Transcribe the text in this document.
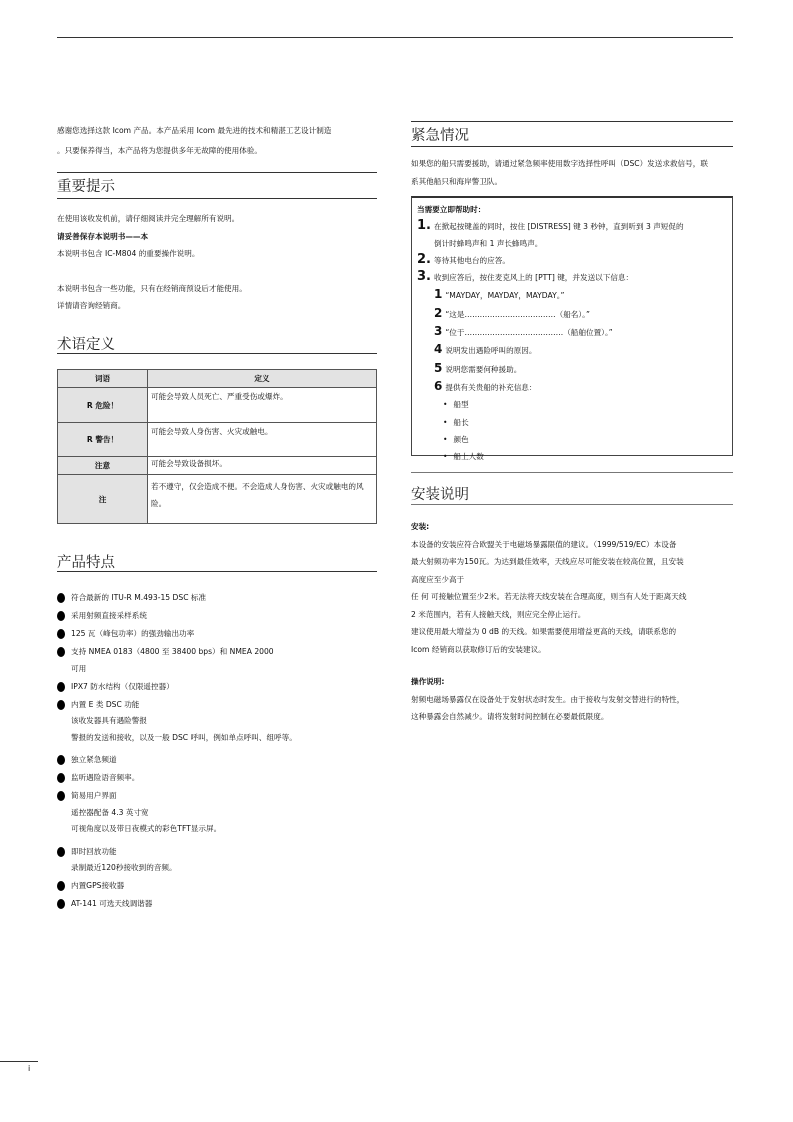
感谢您选择这款 Icom 产品。本产品采用 Icom 最先进的技术和精湛工艺设计制造
。只要保养得当，本产品将为您提供多年无故障的使用体验。
重要提示
在使用该收发机前，请仔细阅读并完全理解所有说明。
请妥善保存本说明书——本
本说明书包含 IC-M804 的重要操作说明。
本说明书包含一些功能，只有在经销商预设后才能使用。
详情请咨询经销商。
术语定义
词语	定义
R 危险！	可能会导致人员死亡、严重受伤或爆炸。
R 警告！	可能会导致人身伤害、火灾或触电。
注意	可能会导致设备损坏。
注	若不遵守，仅会造成不便。不会造成人身伤害、火灾或触电的风险。
产品特点
符合最新的 ITU-R M.493-15 DSC 标准
采用射频直接采样系统
125 瓦（峰包功率）的强劲输出功率
支持 NMEA 0183（4800 至 38400 bps）和 NMEA 2000
可用
IPX7 防水结构（仅限遥控器）
内置 E 类 DSC 功能
该收发器具有遇险警报
警报的发送和接收，以及一般 DSC 呼叫，例如单点呼叫、组呼等。
独立紧急频道
监听遇险语音频率。
简易用户界面
遥控器配备 4.3 英寸宽
可视角度以及带日夜模式的彩色TFT显示屏。
即时回放功能
录制最近120秒接收到的音频。
内置GPS接收器
AT-141 可选天线调谐器
紧急情况
如果您的船只需要援助，请通过紧急频率使用数字选择性呼叫（DSC）发送求救信号，联
系其他船只和海岸警卫队。
当需要立即帮助时：
1. 在掀起按键盖的同时，按住 [DISTRESS] 键 3 秒钟，直到听到 3 声短促的
倒计时蜂鸣声和 1 声长蜂鸣声。
2. 等待其他电台的应答。
3. 收到应答后，按住麦克风上的 [PTT] 键，并发送以下信息：
1 “MAYDAY，MAYDAY，MAYDAY。”
2 “这是………………………………（船名）。”
3 “位于…………………………………（船舶位置）。”
4 说明发出遇险呼叫的原因。
5 说明您需要何种援助。
6 提供有关贵船的补充信息：
• 船型
• 船长
• 颜色
• 船上人数
安装说明
安装:
本设备的安装应符合欧盟关于电磁场暴露限值的建议。（1999/519/EC）本设备
最大射频功率为150瓦。为达到最佳效率，天线应尽可能安装在较高位置，且安装
高度应至少高于
任 何 可接触位置至少2米。若无法将天线安装在合理高度，则当有人处于距离天线
2 米范围内，若有人接触天线，则应完全停止运行。
建议使用最大增益为 0 dB 的天线。如果需要使用增益更高的天线，请联系您的
Icom 经销商以获取修订后的安装建议。
操作说明:
射频电磁场暴露仅在设备处于发射状态时发生。由于接收与发射交替进行的特性，
这种暴露会自然减少。请将发射时间控制在必要最低限度。
i
